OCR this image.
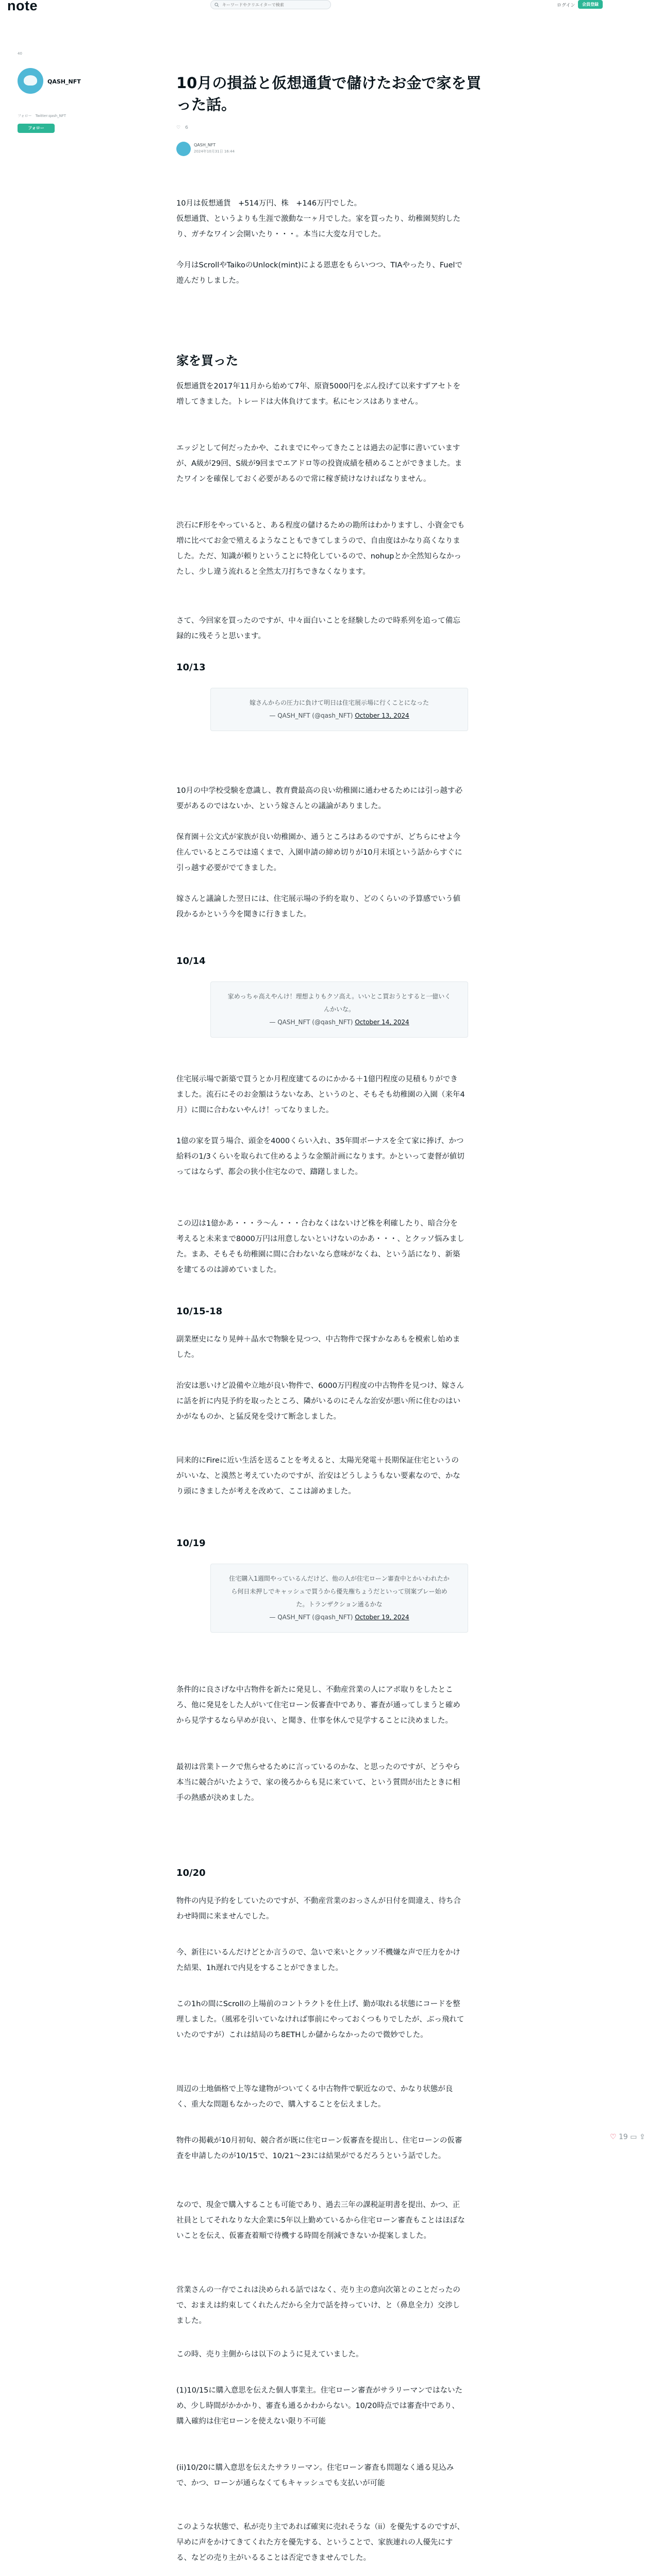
note
キーワードやクリエイターで検索	ログイン	会員登録
40
QASH_NFT
フォロー　Twitter:qash_NFT
フォロー
10月の損益と仮想通貨で儲けたお金で家を買った話。
♡　 6
QASH_NFT
2024年10月31日 16:44

10月は仮想通貨　+514万円、株　+146万円でした。

仮想通貨、というよりも生涯で激動な一ヶ月でした。家を買ったり、幼稚園契約したり、ガチなワイン会開いたり・・・。本当に大変な月でした。

今月はScrollやTaikoのUnlock(mint)による恩恵をもらいつつ、TIAやったり、Fuelで遊んだりしました。

家を買った

仮想通貨を2017年11月から始めて7年、原資5000円をぶん投げて以来すずアセトを増してきました。トレードは大体負けてます。私にセンスはありません。

エッジとして何だったかや、これまでにやってきたことは過去の記事に書いていますが、A級が29回、S級が9回までエアドロ等の投資成績を積めることができました。またワインを確保しておく必要があるので常に稼ぎ続けなければなりません。

渋石にF形をやっていると、ある程度の儲けるための勘所はわかりますし、小資金でも増に比べてお金で殖えるようなこともできてしまうので、自由度はかなり高くなりました。ただ、知識が頼りということに特化しているので、nohupとか全然知らなかったし、少し違う流れると全然太刀打ちできなくなります。

さて、今回家を買ったのですが、中々面白いことを経験したので時系列を追って備忘録的に残そうと思います。

10/13
嫁さんからの圧力に負けて明日は住宅展示場に行くことになった
— QASH_NFT (@qash_NFT) October 13, 2024

10月の中学校受験を意識し、教育費最高の良い幼稚園に通わせるためには引っ越す必要があるのではないか、という嫁さんとの議論がありました。

保育園＋公文式が家族が良い幼稚園か、通うところはあるのですが、どちらにせよ今住んでいるところでは遠くまで、入園申請の締め切りが10月末頃という話からすぐに引っ越す必要がでてきました。

嫁さんと議論した翌日には、住宅展示場の予約を取り、どのくらいの予算感でいう値段かるかという今を聞きに行きました。

10/14
家めっちゃ高えやんけ！理想よりもクソ高え。いいとこ買おうとすると一億いくんかいな。
— QASH_NFT (@qash_NFT) October 14, 2024

住宅展示場で新築で買うとか月程度建てるのにかかる＋1億円程度の見積もりができました。流石にそのお金額はうないなあ、というのと、そもそも幼稚園の入園（来年4月）に間に合わないやんけ！ってなりました。

1億の家を買う場合、頭金を4000くらい入れ、35年間ボーナスを全て家に捧げ、かつ給料の1/3くらいを取られて住めるような金額計画になります。かといって妻督が値切ってはならず、都会の狭小住宅なので、躊躇しました。

この辺は1億かあ・・・ラ～ん・・・合わなくはないけど株を利確したり、暗合分を考えると未来まで8000万円は用意しないといけないのかあ・・・、とクッソ悩みました。まあ、そもそも幼稚園に間に合わないなら意味がなくね、という話になり、新築を建てるのは諦めていました。

10/15-18

副業歴史になり晃艸＋晶水で物験を見つつ、中古物件で探すかなあもを模索し始めました。

治安は悪いけど設備や立地が良い物件で、6000万円程度の中古物件を見つけ、嫁さんに話を折に内見予約を取ったところ、隣がいるのにそんな治安が悪い所に住むのはいかがなものか、と猛反発を受けて断念しました。

同来的にFireに近い生活を送ることを考えると、太陽光発電＋長期保証住宅というのがいいな、と漠然と考えていたのですが、治安はどうしようもない要素なので、かなり頭にきましたが考えを改めて、ここは諦めました。

10/19
住宅購入1週間やっているんだけど、他の人が住宅ローン審査中とかいわれたから何日未押しでキャッシュで買うから優先権ちょうだといって別案プレー始めた。トランザクション通るかな
— QASH_NFT (@qash_NFT) October 19, 2024

条件的に良さげな中古物件を新たに発見し、不動産営業の人にアポ取りをしたところ、他に発見をした人がいて住宅ローン仮審査中であり、審査が通ってしまうと確めから見学するなら早めが良い、と聞き、仕事を休んで見学することに決めました。

最初は営業トークで焦らせるために言っているのかな、と思ったのですが、どうやら本当に競合がいたようで、家の後ろからも見に来ていて、という質問が出たときに相手の熱感が決めました。

10/20

物件の内見予約をしていたのですが、不動産営業のおっさんが日付を間違え、待ち合わせ時間に来ませんでした。

今、新往にいるんだけどとか言うので、急いで来いとクッソ不機嫌な声で圧力をかけた結果、1h遅れで内見をすることができました。

この1hの間にScrollの上場前のコントラクトを仕上げ、勤が取れる状態にコードを整理しました。（風邪を引いていなければ事前にやっておくつもりでしたが、ぶっ飛れていたのですが）これは結局のち8ETHしか儲からなかったので微妙でした。

周辺の土地価格で上等な建物がついてくる中古物件で駅近なので、かなり状態が良く、重大な問題もなかったので、購入することを伝えました。

物件の掲載が10月初旬、競合者が既に住宅ローン仮審査を提出し、住宅ローンの仮審査を申請したのが10/15で、10/21～23には結果がでるだろうという話でした。

なので、現金で購入することも可能であり、過去三年の課税証明書を提出、かつ、正社員としてそれなりな大企業に5年以上勤めているから住宅ローン審査もことはほぼないことを伝え、仮審査着順で待機する時間を削減できないか提案しました。

営業さんの一存でこれは決められる話ではなく、売り主の意向次第とのことだったので、おまえは約束してくれたんだから全力で話を持っていけ、と（鼻息全力）交渉しました。

この時、売り主側からは以下のように見えていました。

(1)10/15に購入意思を伝えた個人事業主。住宅ローン審査がサラリーマンではないため、少し時間がかかかり、審査も通るかわからない。10/20時点では審査中であり、購入確約は住宅ローンを使えない限り不可能

(ii)10/20に購入意思を伝えたサラリーマン。住宅ローン審査も問題なく通る見込みで、かつ、ローンが通らなくてもキャッシュでも支払いが可能

このような状態で、私が売り主であれば確実に売れそうな（ii）を優先するのですが、早めに声をかけてきてくれた方を優先する、ということで、家族連れの人優先にする、などの売り主がいるることは否定できませんでした。

♡ 19 ▭ ⇪
